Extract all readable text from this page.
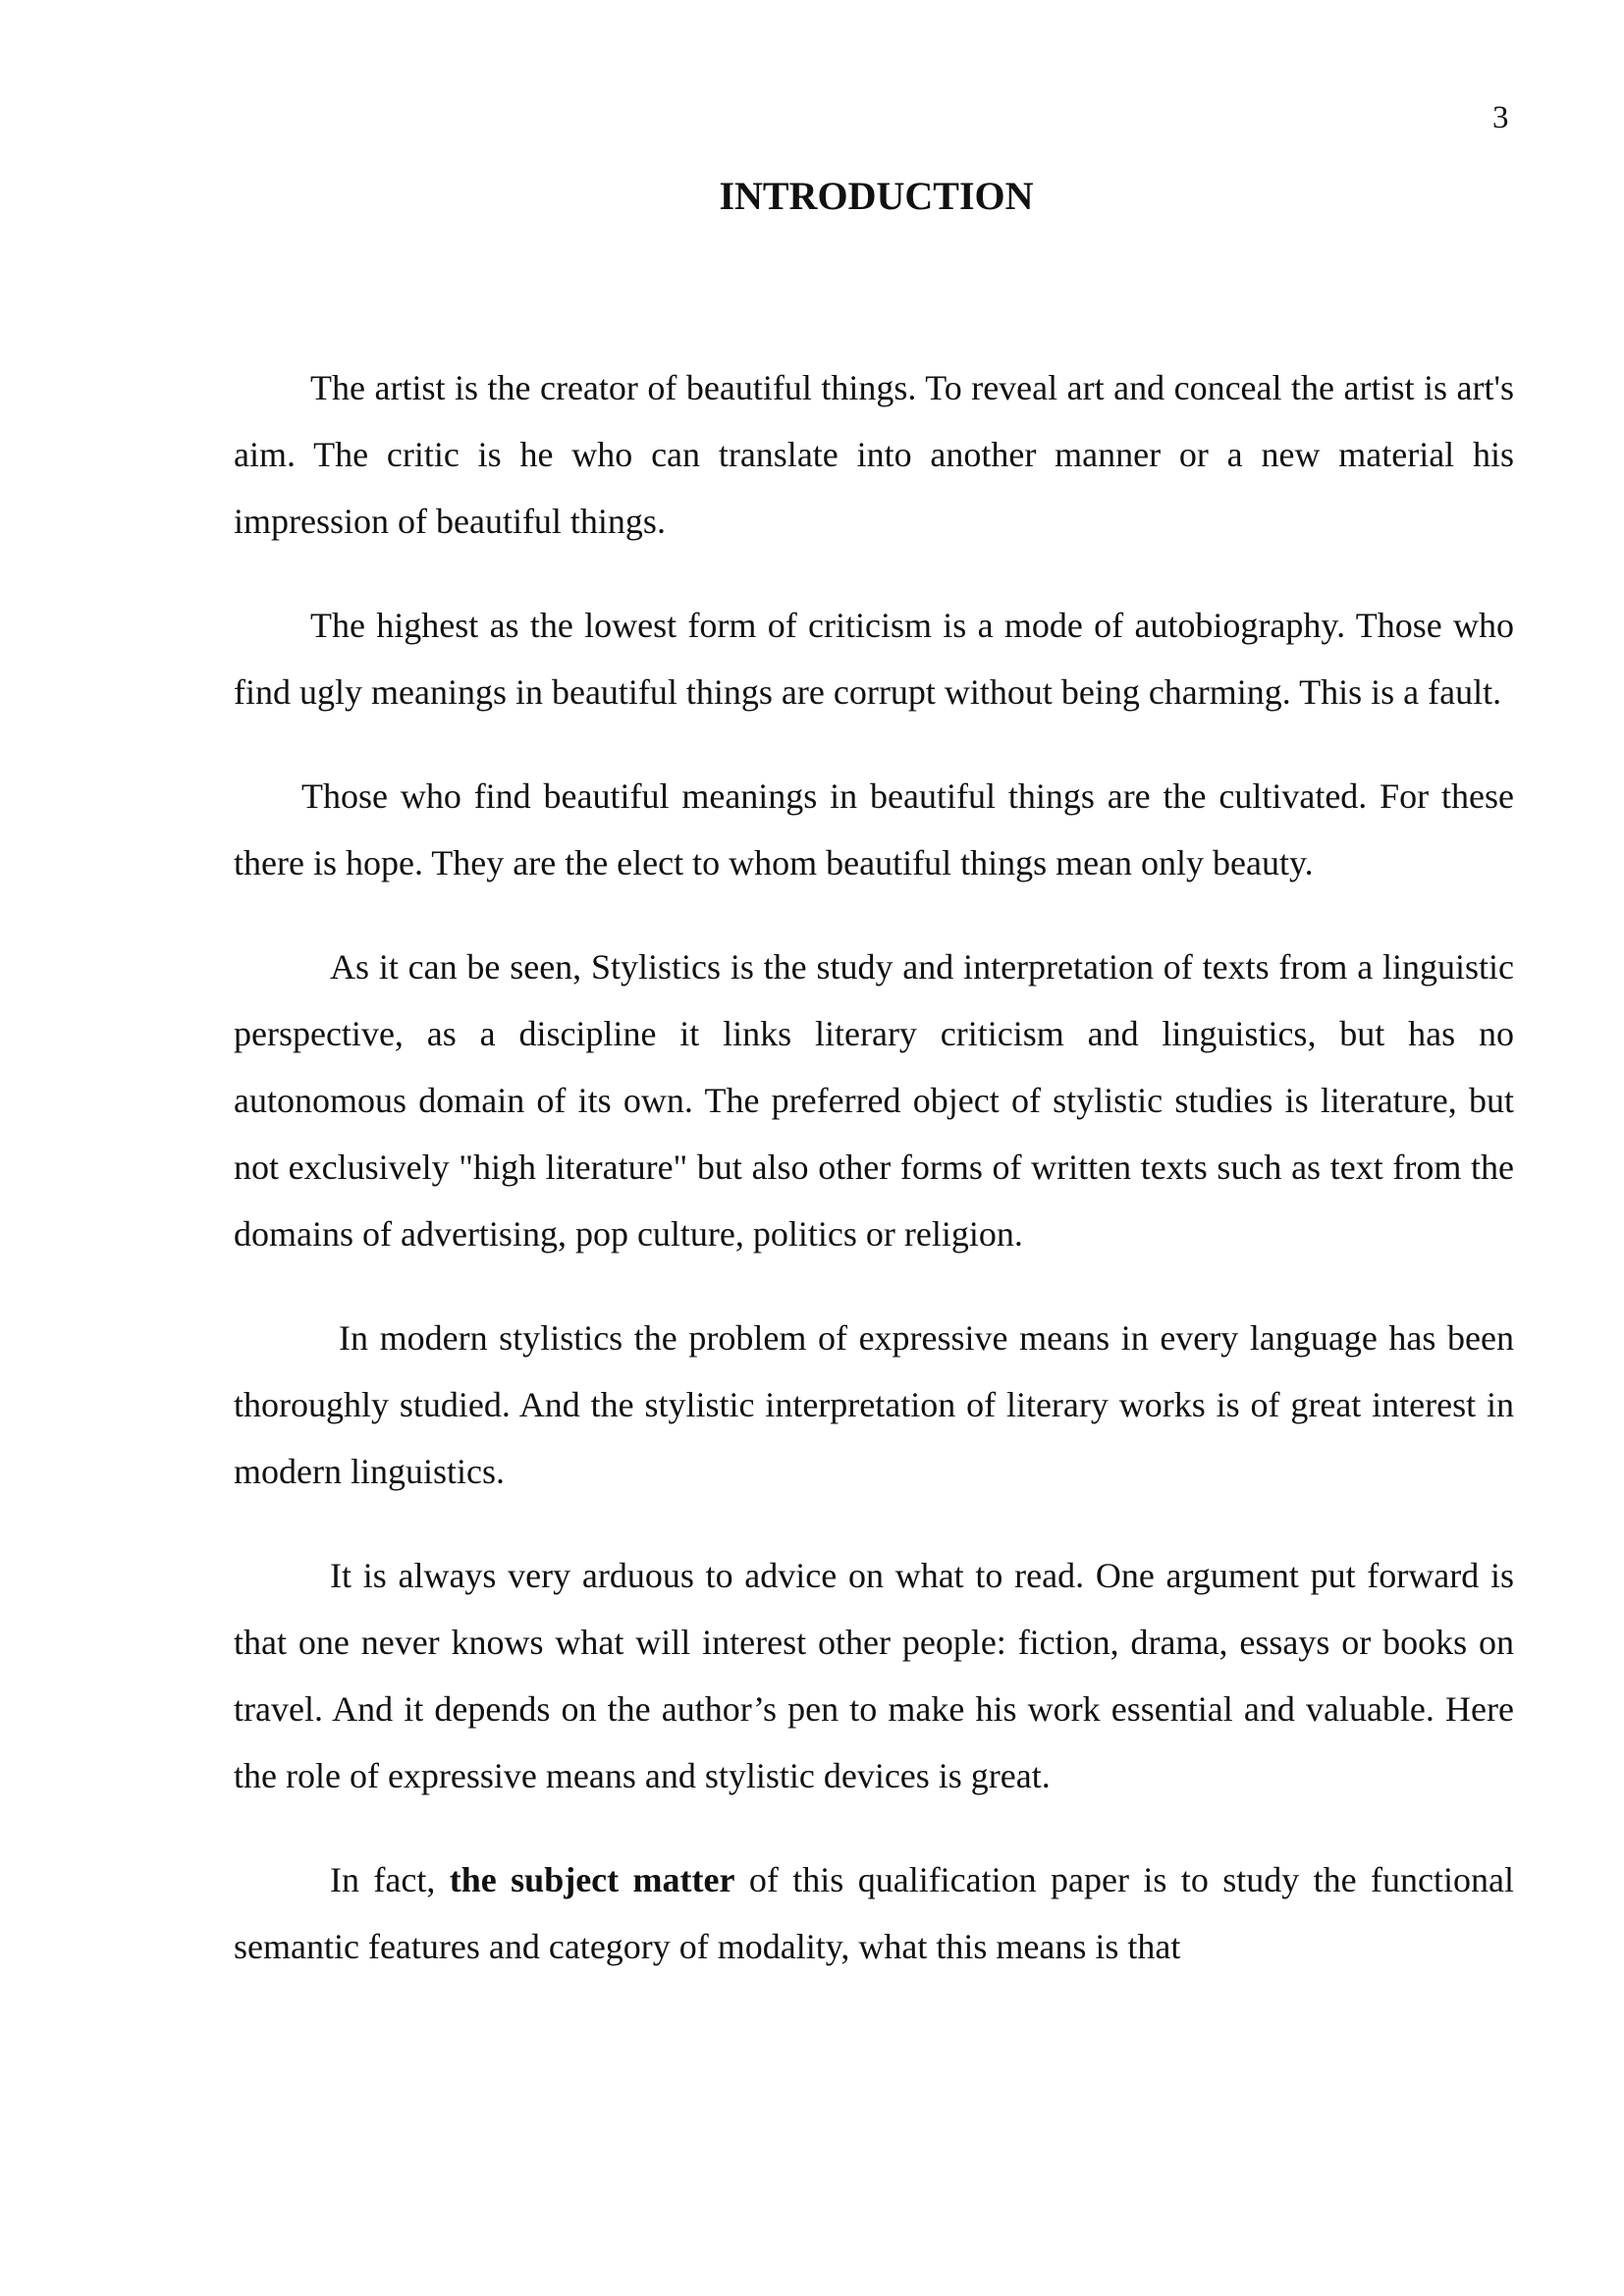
3
INTRODUCTION

The artist is the creator of beautiful things. To reveal art and conceal the artist is art's aim. The critic is he who can translate into another manner or a new material his impression of beautiful things.

The highest as the lowest form of criticism is a mode of autobiography. Those who find ugly meanings in beautiful things are corrupt without being charming. This is a fault.

Those who find beautiful meanings in beautiful things are the cultivated. For these there is hope. They are the elect to whom beautiful things mean only beauty.

As it can be seen, Stylistics is the study and interpretation of texts from a linguistic perspective, as a discipline it links literary criticism and linguistics, but has no autonomous domain of its own. The preferred object of stylistic studies is literature, but not exclusively "high literature" but also other forms of written texts such as text from the domains of advertising, pop culture, politics or religion.

In modern stylistics the problem of expressive means in every language has been thoroughly studied. And the stylistic interpretation of literary works is of great interest in modern linguistics.

It is always very arduous to advice on what to read. One argument put forward is that one never knows what will interest other people: fiction, drama, essays or books on travel. And it depends on the author’s pen to make his work essential and valuable. Here the role of expressive means and stylistic devices is great.

In fact, the subject matter of this qualification paper is to study the functional semantic features and category of modality, what this means is that
